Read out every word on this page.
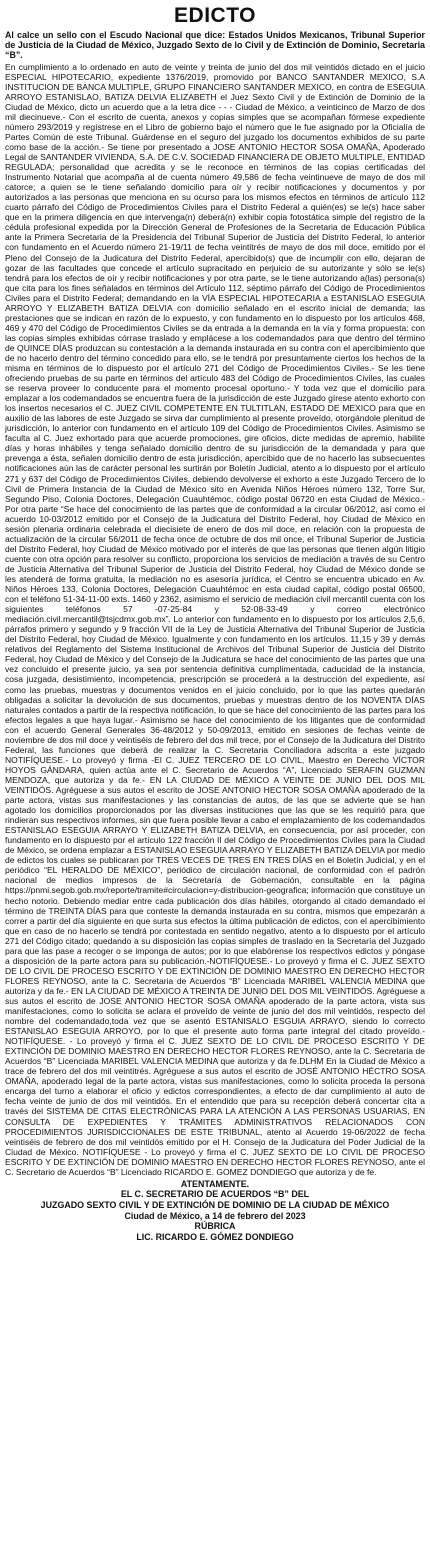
EDICTO
Al calce un sello con el Escudo Nacional que dice: Estados Unidos Mexicanos, Tribunal Superior de Justicia de la Ciudad de México, Juzgado Sexto de lo Civil y de Extinción de Dominio, Secretaria “B”.
En cumplimiento a lo ordenado en auto de veinte y treinta de junio del dos mil veintidós dictado en el juicio ESPECIAL HIPOTECARIO, expediente 1376/2019, promovido por BANCO SANTANDER MEXICO, S.A INSTITUCION DE BANCA MULTIPLE, GRUPO FINANCIERO SANTANDER MEXICO, en contra de ESEGUIA ARROYO ESTANISLAO, BATIZA DELVIA ELIZABETH el Juez Sexto Civil y de Extinción de Dominio de la Ciudad de México, dicto un acuerdo que a la letra dice - - - Ciudad de México, a veinticinco de Marzo de dos mil diecinueve.- Con el escrito de cuenta, anexos y copias simples que se acompañan fórmese expediente número 293/2019 y regístrese en el Libro de gobierno bajo el número que le fue asignado por la Oficialía de Partes Común de este Tribunal. Guárdense en el seguro del juzgado los documentos exhibidos de su parte como base de la acción.- Se tiene por presentado a JOSE ANTONIO HECTOR SOSA OMAÑA, Apoderado Legal de SANTANDER VIVIENDA, S.A. DE C.V. SOCIEDAD FINANCIERA DE OBJETO MULTIPLE, ENTIDAD REGULADA; personalidad que acredita y se le reconoce en términos de las copias certificadas del Instrumento Notarial que acompaña al de cuenta número 49,586 de fecha veintinueve de mayo de dos mil catorce; a quien se le tiene señalando domicilio para oír y recibir notificaciones y documentos y por autorizados a las personas que menciona en su ocurso para los mismos efectos en términos de artículo 112 cuarto párrafo del Código de Procedimientos Civiles para el Distrito Federal a quién(es) se le(s) hace saber que en la primera diligencia en que intervenga(n) deberá(n) exhibir copia fotostática simple del registro de la cédula profesional expedida por la Dirección General de Profesiones de la Secretaria de Educación Pública ante la Primera Secretaria de la Presidencia del Tribunal Superior de Justicia del Distrito Federal, lo anterior con fundamento en el Acuerdo número 21-19/11 de fecha veintitrés de mayo de dos mil doce, emitido por el Pleno del Consejo de la Judicatura del Distrito Federal, apercibido(s) que de incumplir con ello, dejaran de gozar de las facultades que concede el artículo supracitado en perjuicio de su autorizante y sólo se le(s) tendrá para los efectos de oír y recibir notificaciones y por otra parte, se le tiene autorizando a(las) persona(s) que cita para los fines señalados en términos del Artículo 112, séptimo párrafo del Código de Procedimientos Civiles para el Distrito Federal; demandando en la VÍA ESPECIAL HIPOTECARIA a ESTANISLAO ESEGUIA ARROYO Y ELIZABETH BATIZA DELVIA con domicilio señalado en el escrito inicial de demanda; las prestaciones que se indican en razón de lo expuesto, y con fundamento en lo dispuesto por los artículos 468, 469 y 470 del Código de Procedimientos Civiles se da entrada a la demanda en la vía y forma propuesta: con las copias simples exhibidas córrase traslado y emplácese a los codemandados para que dentro del término de QUINCE DÍAS produzcan su contestación a la demanda instaurada en su contra con el apercibimiento que de no hacerlo dentro del término concedido para ello, se le tendrá por presuntamente ciertos los hechos de la misma en términos de lo dispuesto por el artículo 271 del Código de Procedimientos Civiles.- Se les tiene ofreciendo pruebas de su parte en términos del artículo 483 del Código de Procedimientos Civiles, las cuales se reserva proveer lo conducente para el momento procesal oportuno.- Y toda vez que el domicilio para emplazar a los codemandados se encuentra fuera de la jurisdicción de este Juzgado gírese atento exhorto con los insertos necesarios el C. JUEZ CIVIL COMPETENTE EN TULTITLAN, ESTADO DE MEXICO para que en auxilio de las labores de este Juzgado se sirva dar cumplimiento al presente proveído, otorgándole plenitud de jurisdicción, lo anterior con fundamento en el artículo 109 del Código de Procedimientos Civiles. Asimismo se faculta al C. Juez exhortado para que acuerde promociones, gire oficios, dicte medidas de apremio, habilite días y horas inhábiles y tenga señalado domicilio dentro de su jurisdicción de la demandada y para que prevenga a ésta, señalen domicilio dentro de esta jurisdicción, apercibido que de no hacerlo las subsecuentes notificaciones aún las de carácter personal les surtirán por Boletín Judicial, atento a lo dispuesto por el artículo 271 y 637 del Código de Procedimientos Civiles, debiendo devolverse el exhorto a este Juzgado Tercero de lo Civil de Primera Instancia de la Ciudad de México sito en Avenida Niños Héroes número 132, Torre Sur, Segundo Piso, Colonia Doctores, Delegación Cuauhtémoc, código postal 06720 en esta Ciudad de México.- Por otra parte “Se hace del conocimiento de las partes que de conformidad a la circular 06/2012, así como el acuerdo 10-03/2012 emitido por el Consejo de la Judicatura del Distrito Federal, hoy Ciudad de México en sesión plenaria ordinaria celebrada el diecisiete de enero de dos mil doce, en relación con la propuesta de actualización de la circular 56/2011 de fecha once de octubre de dos mil once, el Tribunal Superior de Justicia del Distrito Federal, hoy Ciudad de México motivado por el interés de que las personas que tienen algún litigio cuente con otra opción para resolver su conflicto, proporciona los servicios de mediación a través de su Centro de Justicia Alternativa del Tribunal Superior de Justicia del Distrito Federal, hoy Ciudad de México donde se les atenderá de forma gratuita, la mediación no es asesoría jurídica, el Centro se encuentra ubicado en Av. Niños Héroes 133, Colonia Doctores, Delegación Cuauhtémoc en esta ciudad capital, código postal 06500, con el teléfono 51-34-11-00 exts. 1460 y 2362, asimismo el servicio de mediación civil mercantil cuenta con los siguientes teléfonos 57 -07-25-84 y 52-08-33-49 y correo electrónico mediación.civil.mercantil@tsjcdmx.gob.mx”. Lo anterior con fundamento en lo dispuesto por los artículos 2,5,6, párrafos primero y segundo y 9 fracción VII de la Ley de Justicia Alternativa del Tribunal Superior de Justicia del Distrito Federal, hoy Ciudad de México. Igualmente y con fundamento en los artículos. 11,15 y 39 y demás relativos del Reglamento del Sistema Institucional de Archivos del Tribunal Superior de Justicia del Distrito Federal, hoy Ciudad de México y del Consejo de la Judicatura se hace del conocimiento de las partes que una vez concluido el presente juicio, ya sea por sentencia definitiva cumplimentada, caducidad de la instancia, cosa juzgada, desistimiento, incompetencia, prescripción se procederá a la destrucción del expediente, así como las pruebas, muestras y documentos venidos en el juicio concluido, por lo que las partes quedarán obligadas a solicitar la devolución de sus documentos, pruebas y muestras dentro de los NOVENTA DÍAS naturales contados a partir de la respectiva notificación, lo que se hace del conocimiento de las partes para los efectos legales a que haya lugar.- Asimismo se hace del conocimiento de los litigantes que de conformidad con el acuerdo General Generales 36-48/2012 y 50-09/2013, emitido en sesiones de fechas veinte de noviembre de dos mil doce y veintiséis de febrero del dos mil trece, por el Consejo de la Judicatura del Distrito Federal, las funciones que deberá de realizar la C. Secretaria Conciliadora adscrita a este juzgado NOTIFÍQUESE.- Lo proveyó y firma -El C. JUEZ TERCERO DE LO CIVIL, Maestro en Derecho VÍCTOR HOYOS GÁNDARA, quien actúa ante el C. Secretario de Acuerdos “A”, Licenciado SERAFIN GUZMAN MENDOZA, que autoriza y da fe.- EN LA CIUDAD DE MÉXICO A VEINTE DE JUNIO DEL DOS MIL VEINTIDÓS. Agréguese a sus autos el escrito de JOSE ANTONIO HECTOR SOSA OMAÑA apoderado de la parte actora, vistas sus manifestaciones y las constancias de autos, de las que se advierte que se han agotado los domicilios proporcionados por las diversas instituciones que las que se les requirió para que rindieran sus respectivos informes, sin que fuera posible llevar a cabo el emplazamiento de los codemandados ESTANISLAO ESEGUIA ARRAYO Y ELIZABETH BATIZA DELVIA, en consecuencia, por así proceder, con fundamento en lo dispuesto por el artículo 122 fracción II del Código de Procedimientos Civiles para la Ciudad de México, se ordena emplazar a ESTANISLAO ESEGUIA ARRAYO Y ELIZABETH BATIZA DELVIA por medio de edictos los cuales se publicaran por TRES VECES DE TRES EN TRES DÍAS en el Boletín Judicial, y en el periódico “EL HERALDO DE MÉXICO”, periódico de circulación nacional, de conformidad con el padrón nacional de medios impresos de la Secretaría de Gobernación, consultable en la página https://pnmi.segob.gob.mx/reporte/tramite#circulacion=y-distribucion-geografica; información que constituye un hecho notorio. Debiendo mediar entre cada publicación dos días hábiles, otorgando al citado demandado el término de TREINTA DÍAS para que conteste la demanda instaurada en su contra, mismos que empezarán a correr a partir del día siguiente en que surta sus efectos la última publicación de edictos, con el apercibimiento que en caso de no hacerlo se tendrá por contestada en sentido negativo, atento a lo dispuesto por el artículo 271 del Código citado; quedando a su disposición las copias simples de traslado en la Secretaría del Juzgado para que las pase a recoger o se imponga de autos; por lo que elabórense los respectivos edictos y póngase a disposición de la parte actora para su publicación.-NOTIFÍQUESE.- Lo proveyó y firma el C. JUEZ SEXTO DE LO CIVIL DE PROCESO ESCRITO Y DE EXTINCIÓN DE DOMINIO MAESTRO EN DERECHO HECTOR FLORES REYNOSO, ante la C. Secretaria de Acuerdos “B” Licenciada MARIBEL VALENCIA MEDINA que autoriza y da fe.- EN LA CIUDAD DE MÉXICO A TREINTA DE JUNIO DEL DOS MIL VEINTIDÓS. Agréguese a sus autos el escrito de JOSE ANTONIO HECTOR SOSA OMAÑA apoderado de la parte actora, vista sus manifestaciones, como lo solicita se aclara el proveído de veinte de junio del dos mil veintidós, respecto del nombre del codemandado,toda vez que se asentó ESTANISALO ESGUIA ARRAYO, siendo lo correcto ESTANISLAO ESEGUIA ARROYO, por lo que el presente auto forma parte integral del citado proveído.-NOTIFÍQUESE. - Lo proveyó y firma el C. JUEZ SEXTO DE LO CIVIL DE PROCESO ESCRITO Y DE EXTINCIÓN DE DOMINIO MAESTRO EN DERECHO HECTOR FLORES REYNOSO, ante la C. Secretaria de Acuerdos “B” Licenciada MARIBEL VALENCIA MEDINA que autoriza y da fe.DLHM En la Ciudad de México a trace de febrero del dos mil veintitrés. Agréguese a sus autos el escrito de JOSÉ ANTONIO HÉCTRO SOSA OMAÑA, apoderado legal de la parte actora, vistas sus manifestaciones, como lo solicita proceda la persona encarga del turno a elaborar el oficio y edictos correspondientes, a efecto de dar cumplimiento al auto de fecha veinte de junio de dos mil veintidós. En el entendido que para su recepción deberá concertar cita a través del SISTEMA DE CITAS ELECTRÓNICAS PARA LA ATENCIÓN A LAS PERSONAS USUARIAS, EN CONSULTA DE EXPEDIENTES Y TRÁMITES ADMINISTRATIVOS RELACIONADOS CON PROCEDIMIENTOS JURISDICCIONALES DE ESTE TRIBUNAL, atento al Acuerdo 19-06/2022 de fecha veintiséis de febrero de dos mil veintidós emitido por el H. Consejo de la Judicatura del Poder Judicial de la Ciudad de México. NOTIFÍQUESE - Lo proveyó y firma el C. JUEZ SEXTO DE LO CIVIL DE PROCESO ESCRITO Y DE EXTINCIÓN DE DOMINIO MAESTRO EN DERECHO HECTOR FLORES REYNOSO, ante el C. Secretario de Acuerdos “B” Licenciado RICARDO E. GOMEZ DONDIEGO que autoriza y de fe.
ATENTAMENTE.
EL C. SECRETARIO DE ACUERDOS “B” DEL
JUZGADO SEXTO CIVIL Y DE EXTINCIÓN DE DOMINIO DE LA CIUDAD DE MÉXICO
Ciudad de México, a 14 de febrero del 2023
RÚBRICA
LIC. RICARDO E. GÓMEZ DONDIEGO
